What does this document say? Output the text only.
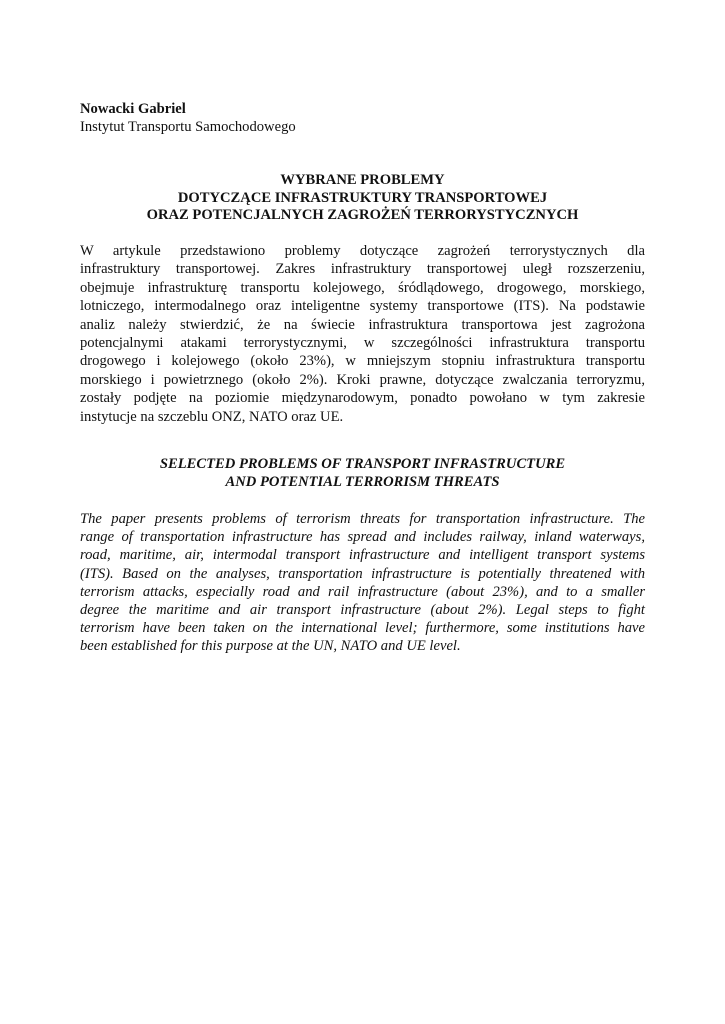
Nowacki Gabriel
Instytut Transportu Samochodowego
WYBRANE PROBLEMY
DOTYCZĄCE INFRASTRUKTURY TRANSPORTOWEJ
ORAZ POTENCJALNYCH ZAGROŻEŃ TERRORYSTYCZNYCH
W artykule przedstawiono problemy dotyczące zagrożeń terrorystycznych dla
infrastruktury transportowej. Zakres infrastruktury transportowej uległ rozszerzeniu,
obejmuje infrastrukturę transportu kolejowego, śródlądowego, drogowego, morskiego,
lotniczego, intermodalnego oraz inteligentne systemy transportowe (ITS). Na podstawie
analiz należy stwierdzić, że na świecie infrastruktura transportowa jest zagrożona
potencjalnymi atakami terrorystycznymi, w szczególności infrastruktura transportu
drogowego i kolejowego (około 23%), w mniejszym stopniu infrastruktura transportu
morskiego i powietrznego (około 2%). Kroki prawne, dotyczące zwalczania terroryzmu,
zostały podjęte na poziomie międzynarodowym, ponadto powołano w tym zakresie
instytucje na szczeblu ONZ, NATO oraz UE.
SELECTED PROBLEMS OF TRANSPORT INFRASTRUCTURE
AND POTENTIAL TERRORISM THREATS
The paper presents problems of terrorism threats for transportation infrastructure. The
range of transportation infrastructure has spread and includes railway, inland waterways,
road, maritime, air, intermodal transport infrastructure and intelligent transport systems
(ITS). Based on the analyses, transportation infrastructure is potentially threatened with
terrorism attacks, especially road and rail infrastructure (about 23%), and to a smaller
degree the maritime and air transport infrastructure (about 2%). Legal steps to fight
terrorism have been taken on the international level; furthermore, some institutions have
been established for this purpose at the UN, NATO and UE level.
